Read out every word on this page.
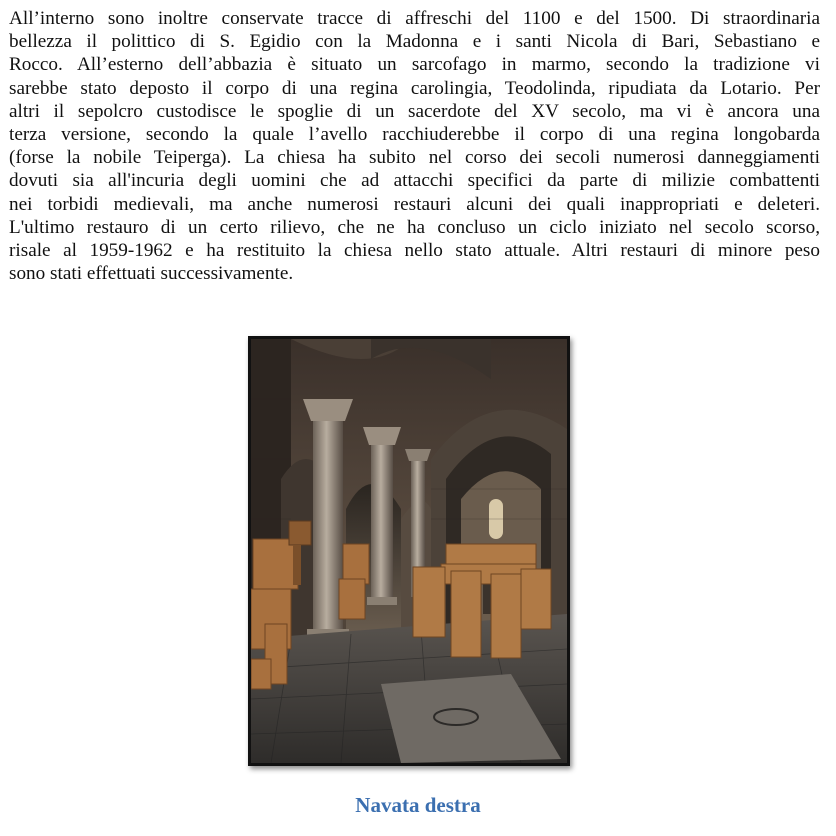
All’interno sono inoltre conservate tracce di affreschi del 1100 e del 1500. Di straordinaria
bellezza il polittico di S. Egidio con la Madonna e i santi Nicola di Bari, Sebastiano e
Rocco. All’esterno dell’abbazia è situato un sarcofago in marmo, secondo la tradizione vi
sarebbe stato deposto il corpo di una regina carolingia, Teodolinda, ripudiata da Lotario. Per
altri il sepolcro custodisce le spoglie di un sacerdote del XV secolo, ma vi è ancora una
terza versione, secondo la quale l’avello racchiuderebbe il corpo di una regina longobarda
(forse la nobile Teiperga). La chiesa ha subito nel corso dei secoli numerosi danneggiamenti
dovuti sia all'incuria degli uomini che ad attacchi specifici da parte di milizie combattenti
nei torbidi medievali, ma anche numerosi restauri alcuni dei quali inappropriati e deleteri.
L'ultimo restauro di un certo rilievo, che ne ha concluso un ciclo iniziato nel secolo scorso,
risale al 1959-1962 e ha restituito la chiesa nello stato attuale. Altri restauri di minore peso
sono stati effettuati successivamente.

Navata destra
